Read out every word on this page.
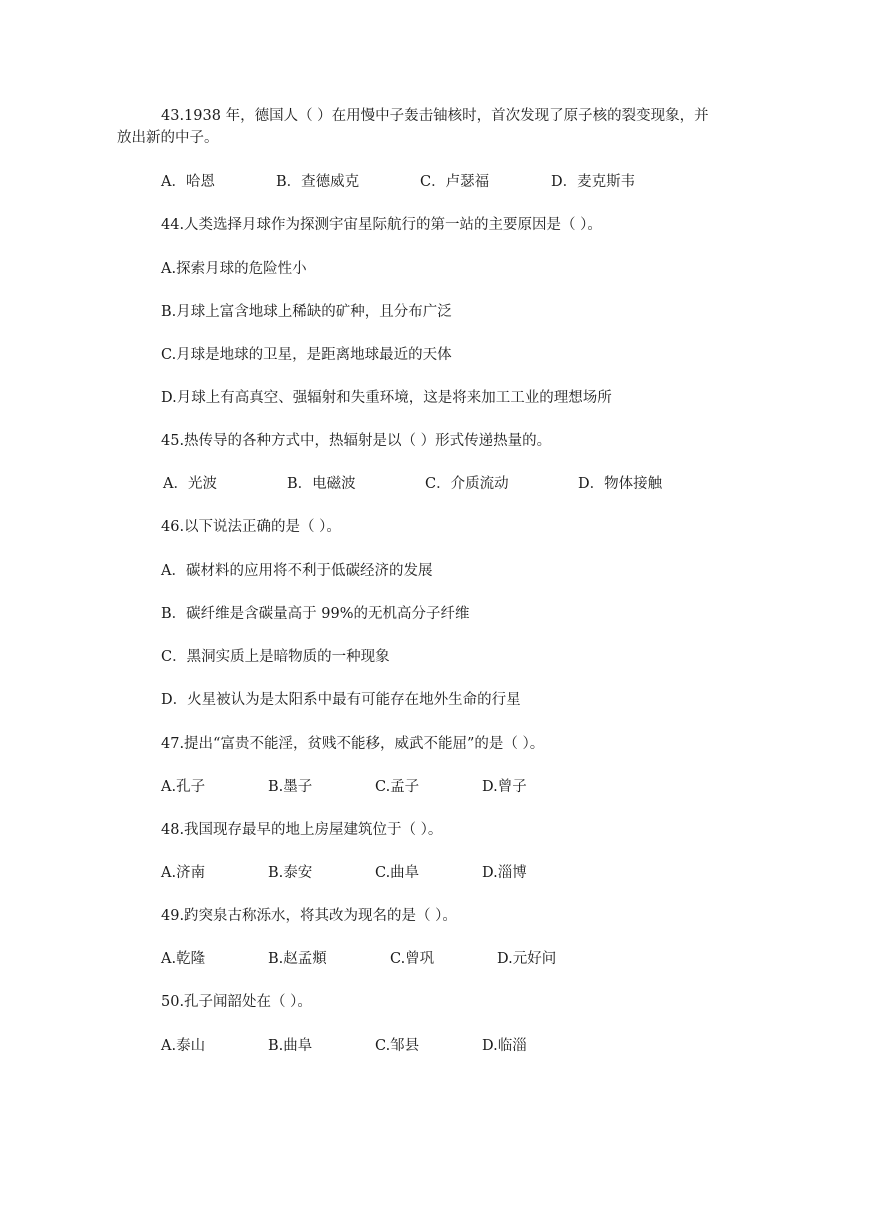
43.1938 年，德国人（ ）在用慢中子轰击铀核时，首次发现了原子核的裂变现象，并
放出新的中子。
A．哈恩	B．查德威克	C．卢瑟福	D．麦克斯韦
44.人类选择月球作为探测宇宙星际航行的第一站的主要原因是（ ）。
A.探索月球的危险性小
B.月球上富含地球上稀缺的矿种，且分布广泛
C.月球是地球的卫星，是距离地球最近的天体
D.月球上有高真空、强辐射和失重环境，这是将来加工工业的理想场所
45.热传导的各种方式中，热辐射是以（ ）形式传递热量的。
A．光波	B．电磁波	C．介质流动	D．物体接触
46.以下说法正确的是（ ）。
A．碳材料的应用将不利于低碳经济的发展
B．碳纤维是含碳量高于 99%的无机高分子纤维
C．黑洞实质上是暗物质的一种现象
D．火星被认为是太阳系中最有可能存在地外生命的行星
47.提出“富贵不能淫，贫贱不能移，威武不能屈”的是（ ）。
A.孔子	B.墨子	C.孟子	D.曾子
48.我国现存最早的地上房屋建筑位于（ ）。
A.济南	B.泰安	C.曲阜	D.淄博
49.趵突泉古称泺水，将其改为现名的是（ ）。
A.乾隆	B.赵孟頫	C.曾巩	D.元好问
50.孔子闻韶处在（ ）。
A.泰山	B.曲阜	C.邹县	D.临淄
